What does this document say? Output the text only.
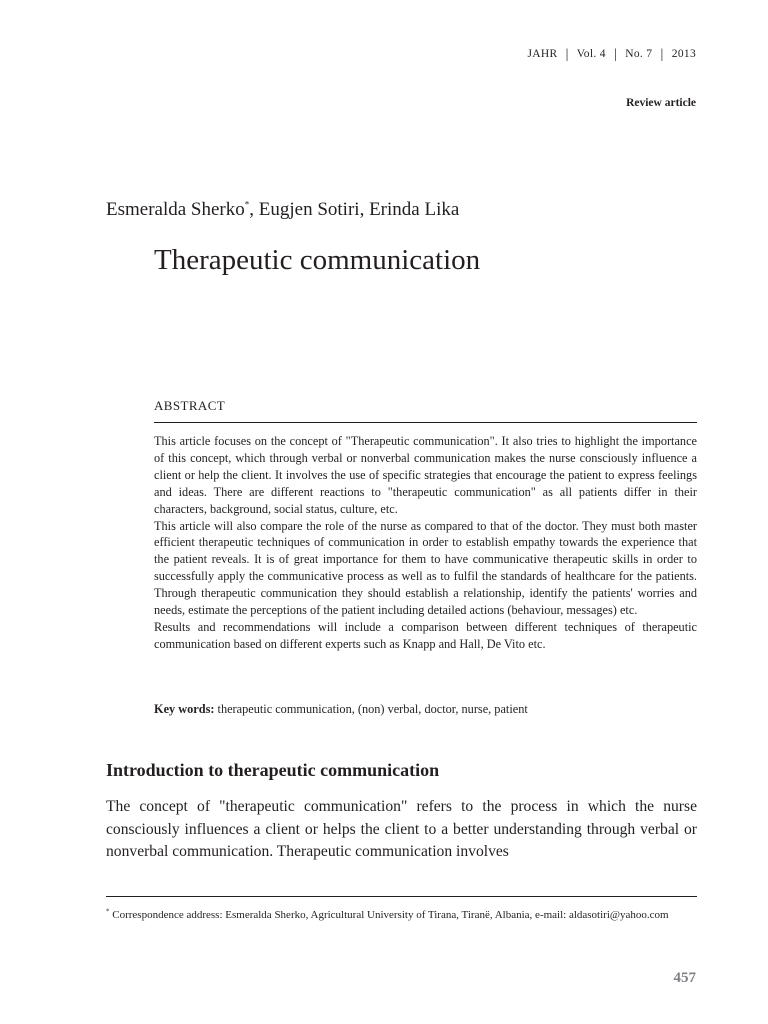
JAHR | Vol. 4 | No. 7 | 2013
Review article
Esmeralda Sherko*, Eugjen Sotiri, Erinda Lika
Therapeutic communication
ABSTRACT

This article focuses on the concept of "Therapeutic communication". It also tries to highlight the importance of this concept, which through verbal or nonverbal communication makes the nurse consciously influence a client or help the client. It involves the use of specific strategies that encourage the patient to express feelings and ideas. There are different reactions to "therapeutic communication" as all patients differ in their characters, background, social status, culture, etc.

This article will also compare the role of the nurse as compared to that of the doctor. They must both master efficient therapeutic techniques of communication in order to establish empathy towards the experience that the patient reveals. It is of great importance for them to have communicative therapeutic skills in order to successfully apply the communicative process as well as to fulfil the standards of healthcare for the patients. Through therapeutic communication they should establish a relationship, identify the patients' worries and needs, estimate the perceptions of the patient including detailed actions (behaviour, messages) etc.

Results and recommendations will include a comparison between different techniques of therapeutic communication based on different experts such as Knapp and Hall, De Vito etc.

Key words: therapeutic communication, (non) verbal, doctor, nurse, patient
Introduction to therapeutic communication
The concept of "therapeutic communication" refers to the process in which the nurse consciously influences a client or helps the client to a better understanding through verbal or nonverbal communication. Therapeutic communication involves
* Correspondence address: Esmeralda Sherko, Agricultural University of Tirana, Tiranë, Albania, e-mail: aldasotiri@yahoo.com
457
